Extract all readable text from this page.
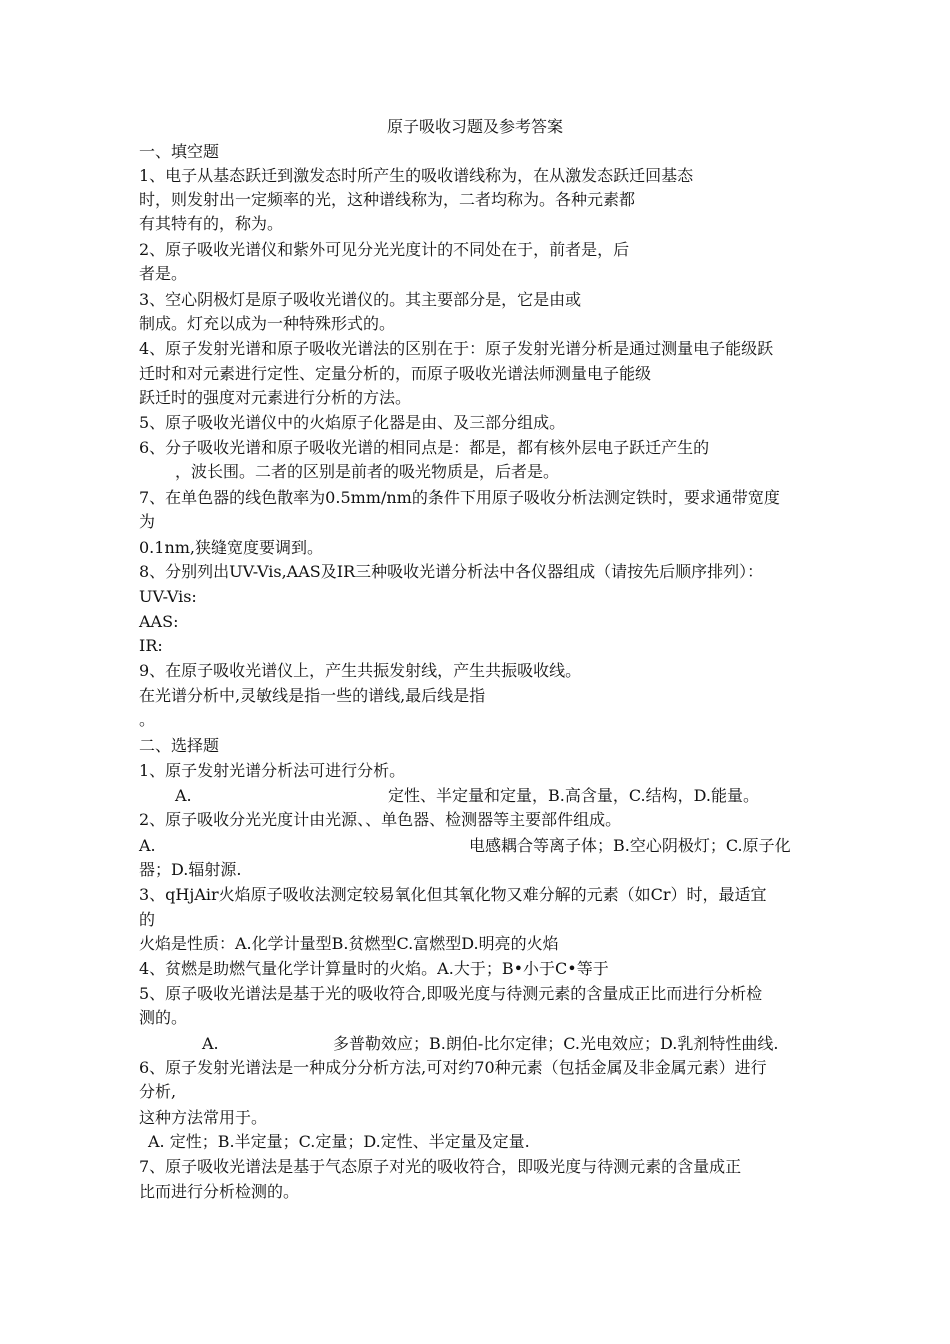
原子吸收习题及参考答案
一、填空题
1、电子从基态跃迁到激发态时所产生的吸收谱线称为，在从激发态跃迁回基态
时，则发射出一定频率的光，这种谱线称为，二者均称为。各种元素都
有其特有的，称为。
2、原子吸收光谱仪和紫外可见分光光度计的不同处在于，前者是，后
者是。
3、空心阴极灯是原子吸收光谱仪的。其主要部分是，它是由或
制成。灯充以成为一种特殊形式的。
4、原子发射光谱和原子吸收光谱法的区别在于：原子发射光谱分析是通过测量电子能级跃
迁时和对元素进行定性、定量分析的，而原子吸收光谱法师测量电子能级
跃迁时的强度对元素进行分析的方法。
5、原子吸收光谱仪中的火焰原子化器是由、及三部分组成。
6、分子吸收光谱和原子吸收光谱的相同点是：都是，都有核外层电子跃迁产生的
，波长围。二者的区别是前者的吸光物质是，后者是。
7、在单色器的线色散率为0.5mm/nm的条件下用原子吸收分析法测定铁时，要求通带宽度
为
0.1nm,狭缝宽度要调到。
8、分别列出UV-Vis,AAS及IR三种吸收光谱分析法中各仪器组成（请按先后顺序排列）：
UV-Vis:
AAS:
IR:
9、在原子吸收光谱仪上，产生共振发射线，产生共振吸收线。
在光谱分析中,灵敏线是指一些的谱线,最后线是指
。
二、选择题
1、原子发射光谱分析法可进行分析。
A.	定性、半定量和定量，B.高含量，C.结构，D.能量。
2、原子吸收分光光度计由光源、、单色器、检测器等主要部件组成。
A.	电感耦合等离子体；B.空心阴极灯；C.原子化
器；D.辐射源.
3、qHjAir火焰原子吸收法测定较易氧化但其氧化物又难分解的元素（如Cr）时，最适宜
的
火焰是性质：A.化学计量型B.贫燃型C.富燃型D.明亮的火焰
4、贫燃是助燃气量化学计算量时的火焰。A.大于；B•小于C•等于
5、原子吸收光谱法是基于光的吸收符合,即吸光度与待测元素的含量成正比而进行分析检
测的。
A.	多普勒效应；B.朗伯-比尔定律；C.光电效应；D.乳剂特性曲线.
6、原子发射光谱法是一种成分分析方法,可对约70种元素（包括金属及非金属元素）进行
分析,
这种方法常用于。
A. 定性；B.半定量；C.定量；D.定性、半定量及定量.
7、原子吸收光谱法是基于气态原子对光的吸收符合，即吸光度与待测元素的含量成正
比而进行分析检测的。
